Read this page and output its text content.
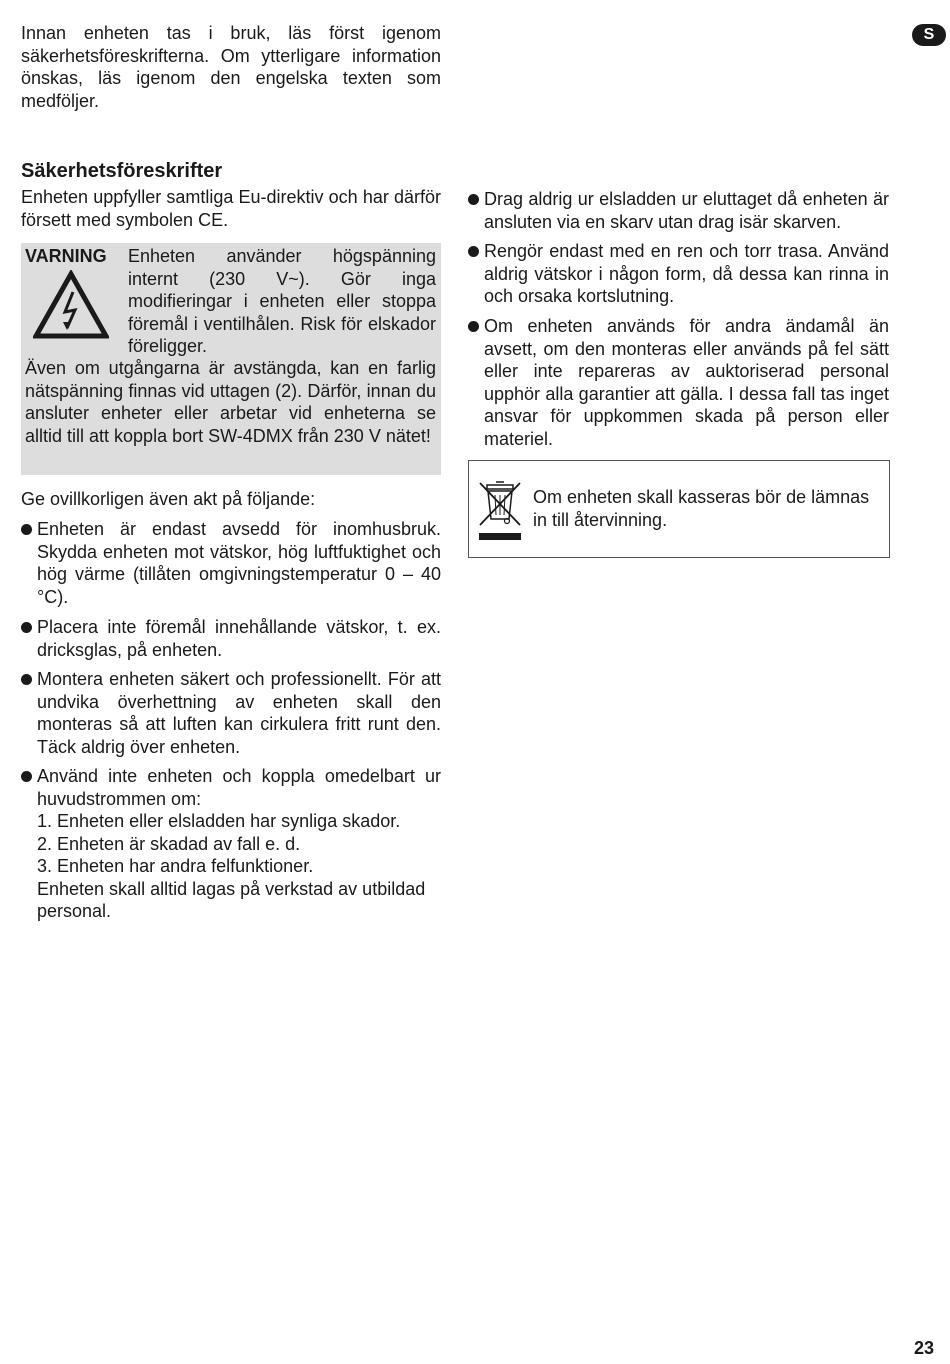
Innan enheten tas i bruk, läs först igenom säkerhetsföreskrifterna. Om ytterligare information önskas, läs igenom den engelska texten som medföljer.
S
Säkerhetsföreskrifter
Enheten uppfyller samtliga Eu-direktiv och har därför försett med symbolen CE.
VARNING Enheten använder högspänning internt (230 V~). Gör inga modifieringar i enheten eller stoppa föremål i ventilhålen. Risk för elskador föreligger.
Även om utgångarna är avstängda, kan en farlig nätspänning finnas vid uttagen (2). Därför, innan du ansluter enheter eller arbetar vid enheterna se alltid till att koppla bort SW-4DMX från 230 V nätet!
Ge ovillkorligen även akt på följande:
Enheten är endast avsedd för inomhusbruk. Skydda enheten mot vätskor, hög luftfuktighet och hög värme (tillåten omgivningstemperatur 0 – 40 °C).
Placera inte föremål innehållande vätskor, t. ex. dricksglas, på enheten.
Montera enheten säkert och professionellt. För att undvika överhettning av enheten skall den monteras så att luften kan cirkulera fritt runt den. Täck aldrig över enheten.
Använd inte enheten och koppla omedelbart ur huvudstrommen om:
1. Enheten eller elsladden har synliga skador.
2. Enheten är skadad av fall e. d.
3. Enheten har andra felfunktioner.
Enheten skall alltid lagas på verkstad av utbildad personal.
Drag aldrig ur elsladden ur eluttaget då enheten är ansluten via en skarv utan drag isär skarven.
Rengör endast med en ren och torr trasa. Använd aldrig vätskor i någon form, då dessa kan rinna in och orsaka kortslutning.
Om enheten används för andra ändamål än avsett, om den monteras eller används på fel sätt eller inte repareras av auktoriserad personal upphör alla garantier att gälla. I dessa fall tas inget ansvar för uppkommen skada på person eller materiel.
Om enheten skall kasseras bör de lämnas in till återvinning.
23
